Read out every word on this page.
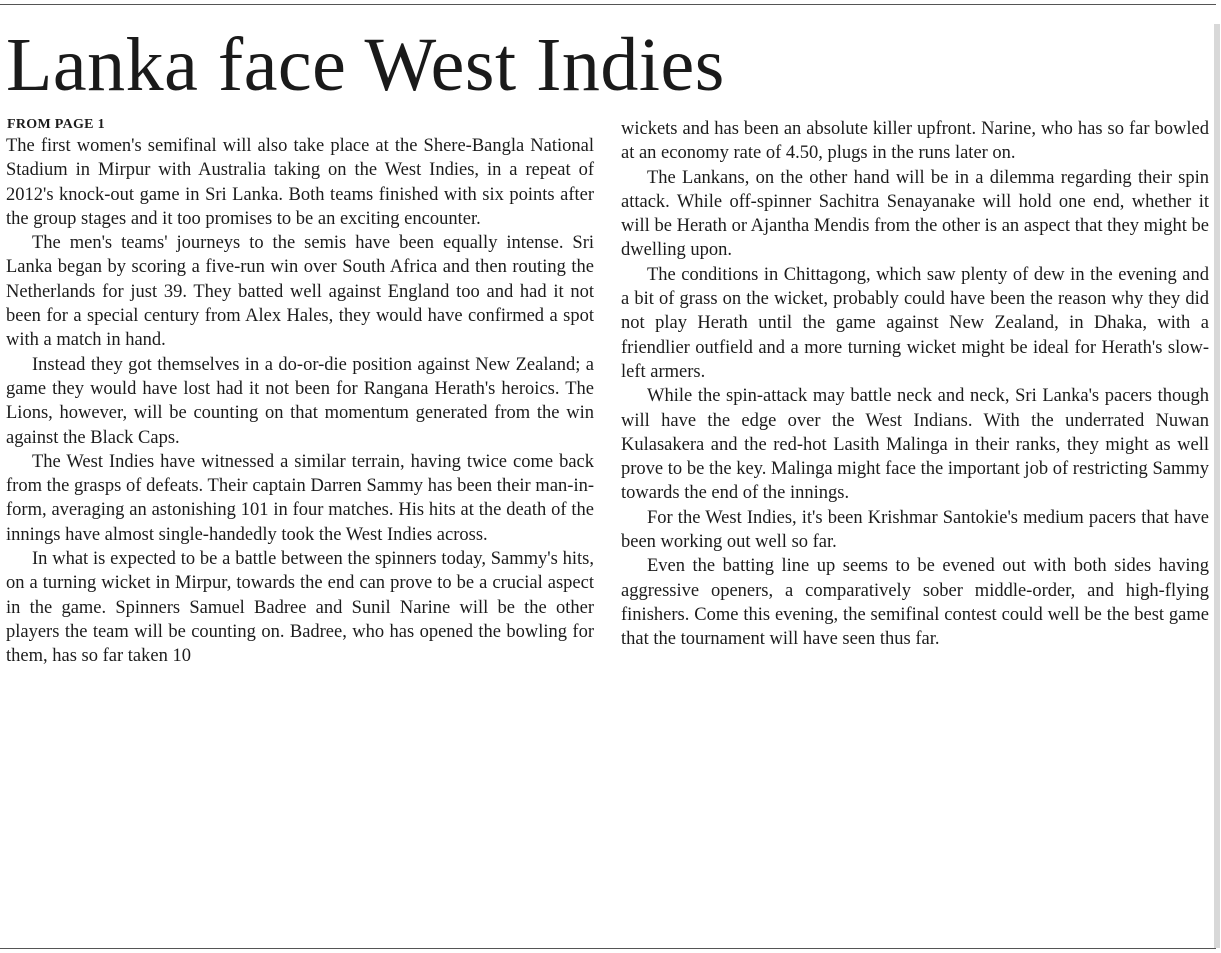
Lanka face West Indies
FROM PAGE 1

The first women's semifinal will also take place at the Shere-Bangla National Stadium in Mirpur with Australia taking on the West Indies, in a repeat of 2012's knock-out game in Sri Lanka. Both teams finished with six points after the group stages and it too promises to be an exciting encounter.

The men's teams' journeys to the semis have been equally intense. Sri Lanka began by scoring a five-run win over South Africa and then routing the Netherlands for just 39. They batted well against England too and had it not been for a special century from Alex Hales, they would have confirmed a spot with a match in hand.

Instead they got themselves in a do-or-die position against New Zealand; a game they would have lost had it not been for Rangana Herath's heroics. The Lions, however, will be counting on that momentum generated from the win against the Black Caps.

The West Indies have witnessed a similar terrain, having twice come back from the grasps of defeats. Their captain Darren Sammy has been their man-in-form, averaging an astonishing 101 in four matches. His hits at the death of the innings have almost single-handedly took the West Indies across.

In what is expected to be a battle between the spinners today, Sammy's hits, on a turning wicket in Mirpur, towards the end can prove to be a crucial aspect in the game. Spinners Samuel Badree and Sunil Narine will be the other players the team will be counting on. Badree, who has opened the bowling for them, has so far taken 10

wickets and has been an absolute killer upfront. Narine, who has so far bowled at an economy rate of 4.50, plugs in the runs later on.

The Lankans, on the other hand will be in a dilemma regarding their spin attack. While off-spinner Sachitra Senayanake will hold one end, whether it will be Herath or Ajantha Mendis from the other is an aspect that they might be dwelling upon.

The conditions in Chittagong, which saw plenty of dew in the evening and a bit of grass on the wicket, probably could have been the reason why they did not play Herath until the game against New Zealand, in Dhaka, with a friendlier outfield and a more turning wicket might be ideal for Herath's slow-left armers.

While the spin-attack may battle neck and neck, Sri Lanka's pacers though will have the edge over the West Indians. With the underrated Nuwan Kulasakera and the red-hot Lasith Malinga in their ranks, they might as well prove to be the key. Malinga might face the important job of restricting Sammy towards the end of the innings.

For the West Indies, it's been Krishmar Santokie's medium pacers that have been working out well so far.

Even the batting line up seems to be evened out with both sides having aggressive openers, a comparatively sober middle-order, and high-flying finishers. Come this evening, the semifinal contest could well be the best game that the tournament will have seen thus far.
